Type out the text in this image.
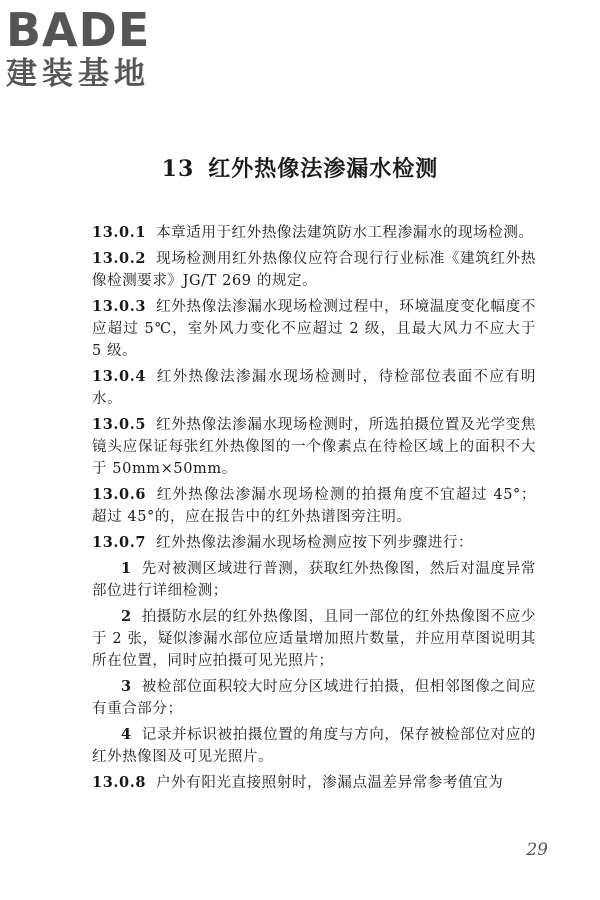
BADE
建装基地
13 红外热像法渗漏水检测

13.0.1 本章适用于红外热像法建筑防水工程渗漏水的现场检测。

13.0.2 现场检测用红外热像仪应符合现行行业标准《建筑红外热像检测要求》JG/T 269 的规定。

13.0.3 红外热像法渗漏水现场检测过程中，环境温度变化幅度不应超过 5℃，室外风力变化不应超过 2 级，且最大风力不应大于 5 级。

13.0.4 红外热像法渗漏水现场检测时，待检部位表面不应有明水。

13.0.5 红外热像法渗漏水现场检测时，所选拍摄位置及光学变焦镜头应保证每张红外热像图的一个像素点在待检区域上的面积不大于 50mm×50mm。

13.0.6 红外热像法渗漏水现场检测的拍摄角度不宜超过 45°；超过 45°的，应在报告中的红外热谱图旁注明。

13.0.7 红外热像法渗漏水现场检测应按下列步骤进行：

1 先对被测区域进行普测，获取红外热像图，然后对温度异常部位进行详细检测；

2 拍摄防水层的红外热像图，且同一部位的红外热像图不应少于 2 张，疑似渗漏水部位应适量增加照片数量，并应用草图说明其所在位置，同时应拍摄可见光照片；

3 被检部位面积较大时应分区域进行拍摄，但相邻图像之间应有重合部分；

4 记录并标识被拍摄位置的角度与方向，保存被检部位对应的红外热像图及可见光照片。

13.0.8 户外有阳光直接照射时，渗漏点温差异常参考值宜为

29
